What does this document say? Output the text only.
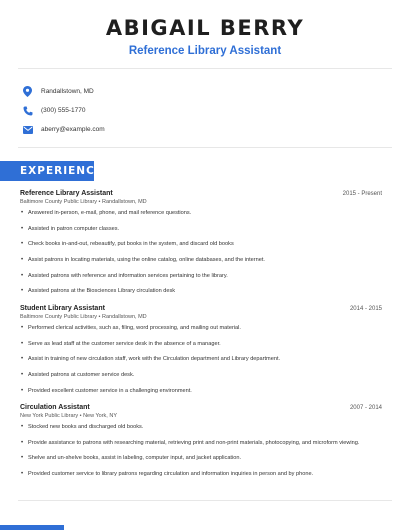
ABIGAIL BERRY
Reference Library Assistant
Randallstown, MD
(300) 555-1770
aberry@example.com
EXPERIENCE
Reference Library Assistant	2015 - Present
Baltimore County Public Library • Randallstown, MD
• Answered in-person, e-mail, phone, and mail reference questions.
• Assisted in patron computer classes.
• Check books in-and-out, rebeautify, put books in the system, and discard old books
• Assist patrons in locating materials, using the online catalog, online databases, and the internet.
• Assisted patrons with reference and information services pertaining to the library.
• Assisted patrons at the Biosciences Library circulation desk
Student Library Assistant	2014 - 2015
Baltimore County Public Library • Randallstown, MD
• Performed clerical activities, such as, filing, word processing, and mailing out material.
• Serve as lead staff at the customer service desk in the absence of a manager.
• Assist in training of new circulation staff, work with the Circulation department and Library department.
• Assisted patrons at customer service desk.
• Provided excellent customer service in a challenging environment.
Circulation Assistant	2007 - 2014
New York Public Library • New York, NY
• Stocked new books and discharged old books.
• Provide assistance to patrons with researching material, retrieving print and non-print materials, photocopying, and microform viewing.
• Shelve and un-shelve books, assist in labeling, computer input, and jacket application.
• Provided customer service to library patrons regarding circulation and information inquiries in person and by phone.
